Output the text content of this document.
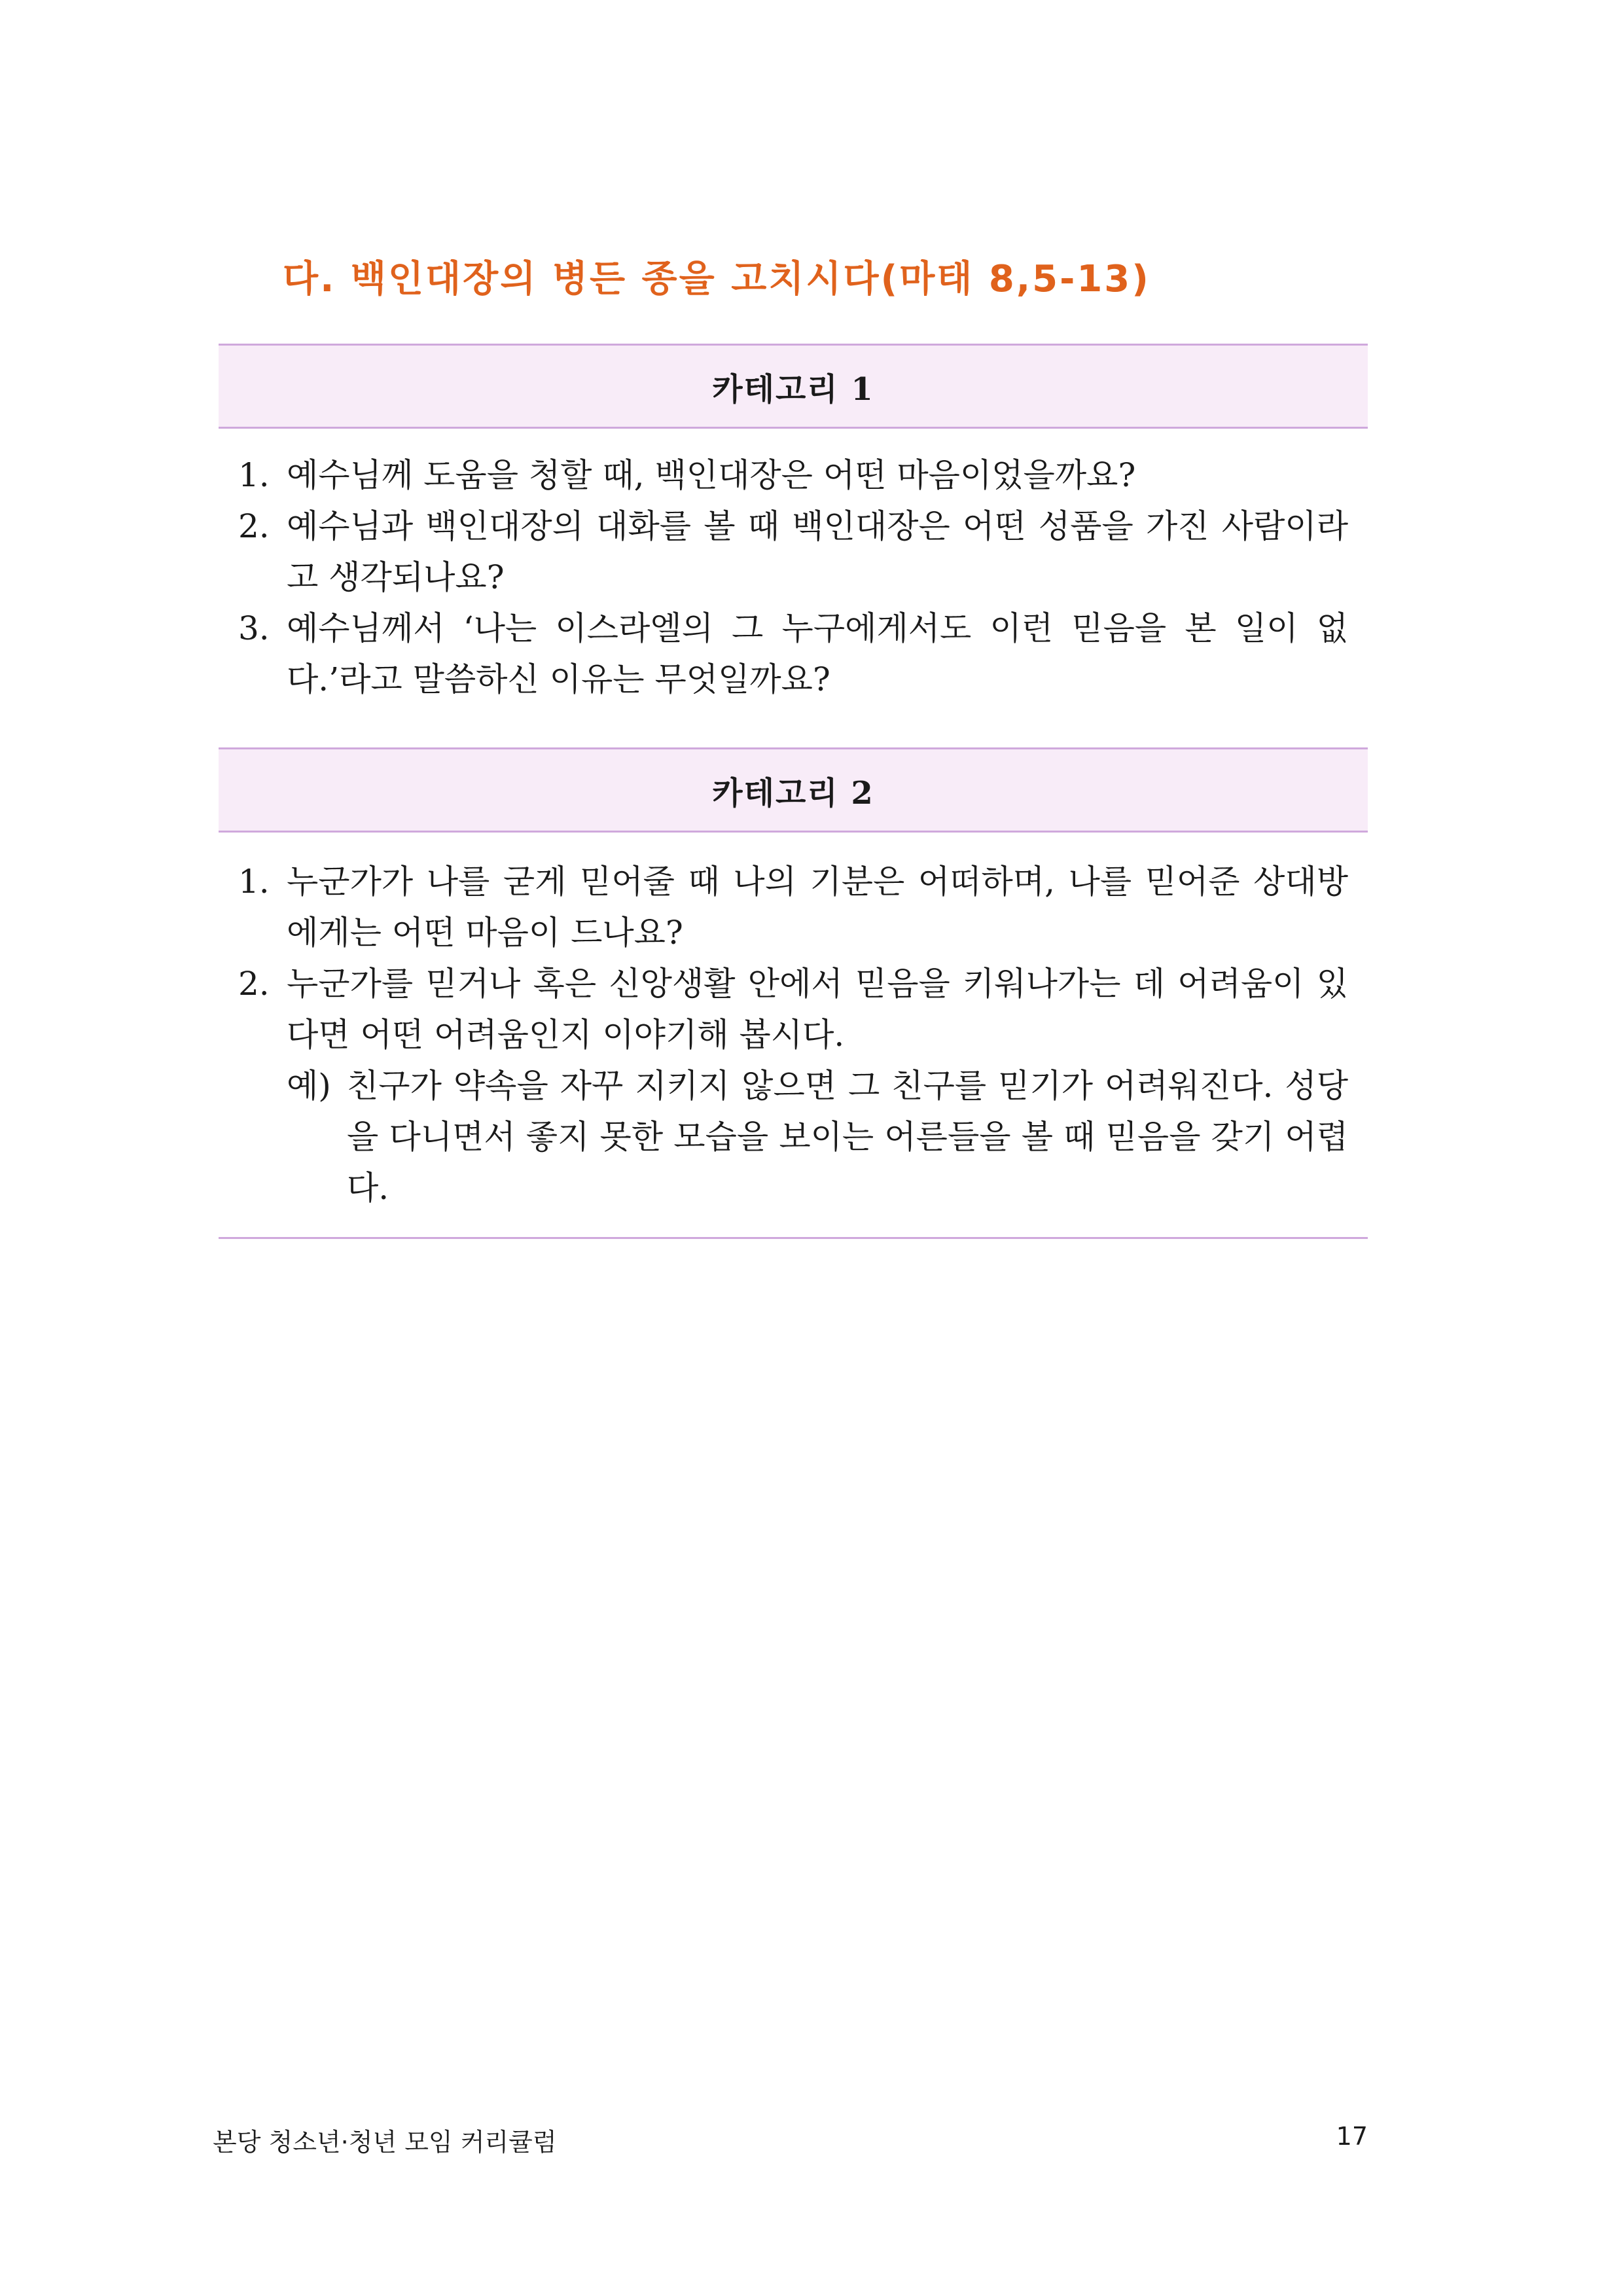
다. 백인대장의 병든 종을 고치시다(마태 8,5-13)
카테고리 1
1. 예수님께 도움을 청할 때, 백인대장은 어떤 마음이었을까요?
2. 예수님과 백인대장의 대화를 볼 때 백인대장은 어떤 성품을 가진 사람이라고 생각되나요?
3. 예수님께서 ‘나는 이스라엘의 그 누구에게서도 이런 믿음을 본 일이 없다.’라고 말씀하신 이유는 무엇일까요?
카테고리 2
1. 누군가가 나를 굳게 믿어줄 때 나의 기분은 어떠하며, 나를 믿어준 상대방에게는 어떤 마음이 드나요?
2. 누군가를 믿거나 혹은 신앙생활 안에서 믿음을 키워나가는 데 어려움이 있다면 어떤 어려움인지 이야기해 봅시다.
예) 친구가 약속을 자꾸 지키지 않으면 그 친구를 믿기가 어려워진다. 성당을 다니면서 좋지 못한 모습을 보이는 어른들을 볼 때 믿음을 갖기 어렵다.
본당 청소년·청년 모임 커리큘럼	17
